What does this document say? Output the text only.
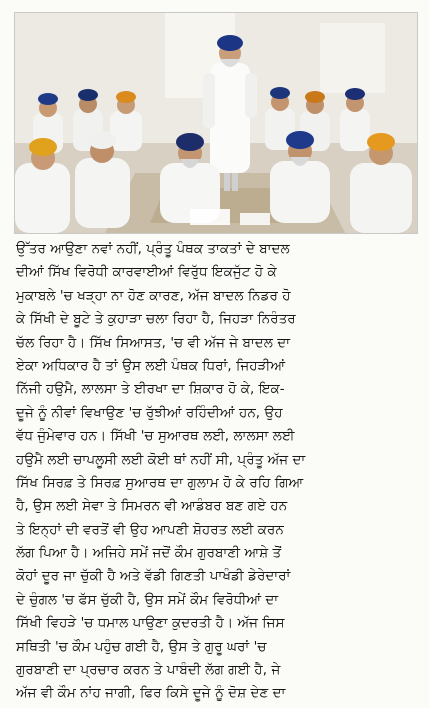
ਉੱਤਰ ਆਉਣਾ ਨਵਾਂ ਨਹੀਂ, ਪ੍ਰੰਤੂ ਪੰਥਕ ਤਾਕਤਾਂ ਦੇ ਬਾਦਲ
ਦੀਆਂ ਸਿੱਖ ਵਿਰੋਧੀ ਕਾਰਵਾਈਆਂ ਵਿਰੁੱਧ ਇਕਜੁੱਟ ਹੋ ਕੇ
ਮੁਕਾਬਲੇ 'ਚ ਖੜ੍ਹਾ ਨਾ ਹੋਣ ਕਾਰਣ, ਅੱਜ ਬਾਦਲ ਨਿਡਰ ਹੋ
ਕੇ ਸਿੱਖੀ ਦੇ ਬੂਟੇ ਤੇ ਕੁਹਾੜਾ ਚਲਾ ਰਿਹਾ ਹੈ, ਜਿਹੜਾ ਨਿਰੰਤਰ
ਚੱਲ ਰਿਹਾ ਹੈ। ਸਿੱਖ ਸਿਆਸਤ, 'ਚ ਵੀ ਅੱਜ ਜੇ ਬਾਦਲ ਦਾ
ਏਕਾ ਅਧਿਕਾਰ ਹੈ ਤਾਂ ਉਸ ਲਈ ਪੰਥਕ ਧਿਰਾਂ, ਜਿਹੜੀਆਂ
ਨਿੱਜੀ ਹਉਮੈ, ਲਾਲਸਾ ਤੇ ਈਰਖਾ ਦਾ ਸ਼ਿਕਾਰ ਹੋ ਕੇ, ਇਕ-
ਦੂਜੇ ਨੂੰ ਨੀਵਾਂ ਵਿਖਾਉਣ 'ਚ ਰੁੱਝੀਆਂ ਰਹਿੰਦੀਆਂ ਹਨ, ਉਹ
ਵੱਧ ਜੁੰਮੇਵਾਰ ਹਨ। ਸਿੱਖੀ 'ਚ ਸੁਆਰਥ ਲਈ, ਲਾਲਸਾ ਲਈ
ਹਉਮੈ ਲਈ ਚਾਪਲੂਸੀ ਲਈ ਕੋਈ ਥਾਂ ਨਹੀਂ ਸੀ, ਪ੍ਰੰਤੂ ਅੱਜ ਦਾ
ਸਿੱਖ ਸਿਰਫ਼ ਤੇ ਸਿਰਫ਼ ਸੁਆਰਥ ਦਾ ਗੁਲਾਮ ਹੋ ਕੇ ਰਹਿ ਗਿਆ
ਹੈ, ਉਸ ਲਈ ਸੇਵਾ ਤੇ ਸਿਮਰਨ ਵੀ ਆਡੰਬਰ ਬਣ ਗਏ ਹਨ
ਤੇ ਇਨ੍ਹਾਂ ਦੀ ਵਰਤੋਂ ਵੀ ਉਹ ਆਪਣੀ ਸ਼ੋਹਰਤ ਲਈ ਕਰਨ
ਲੱਗ ਪਿਆ ਹੈ। ਅਜਿਹੇ ਸਮੇਂ ਜਦੋਂ ਕੌਮ ਗੁਰਬਾਣੀ ਆਸ਼ੇ ਤੋਂ
ਕੋਹਾਂ ਦੂਰ ਜਾ ਚੁੱਕੀ ਹੈ ਅਤੇ ਵੱਡੀ ਗਿਣਤੀ ਪਾਖੰਡੀ ਡੇਰੇਦਾਰਾਂ
ਦੇ ਚੁੰਗਲ 'ਚ ਫੱਸ ਚੁੱਕੀ ਹੈ, ਉਸ ਸਮੇਂ ਕੌਮ ਵਿਰੋਧੀਆਂ ਦਾ
ਸਿੱਖੀ ਵਿਹੜੇ 'ਚ ਧਮਾਲ ਪਾਉਣਾ ਕੁਦਰਤੀ ਹੈ। ਅੱਜ ਜਿਸ
ਸਥਿਤੀ 'ਚ ਕੌਮ ਪਹੁੰਚ ਗਈ ਹੈ, ਉਸ ਤੇ ਗੁਰੂ ਘਰਾਂ 'ਚ
ਗੁਰਬਾਣੀ ਦਾ ਪ੍ਰਚਾਰ ਕਰਨ ਤੇ ਪਾਬੰਦੀ ਲੱਗ ਗਈ ਹੈ, ਜੇ
ਅੱਜ ਵੀ ਕੌਮ ਨਾਂਹ ਜਾਗੀ, ਫਿਰ ਕਿਸੇ ਦੂਜੇ ਨੂੰ ਦੋਸ਼ ਦੇਣ ਦਾ
